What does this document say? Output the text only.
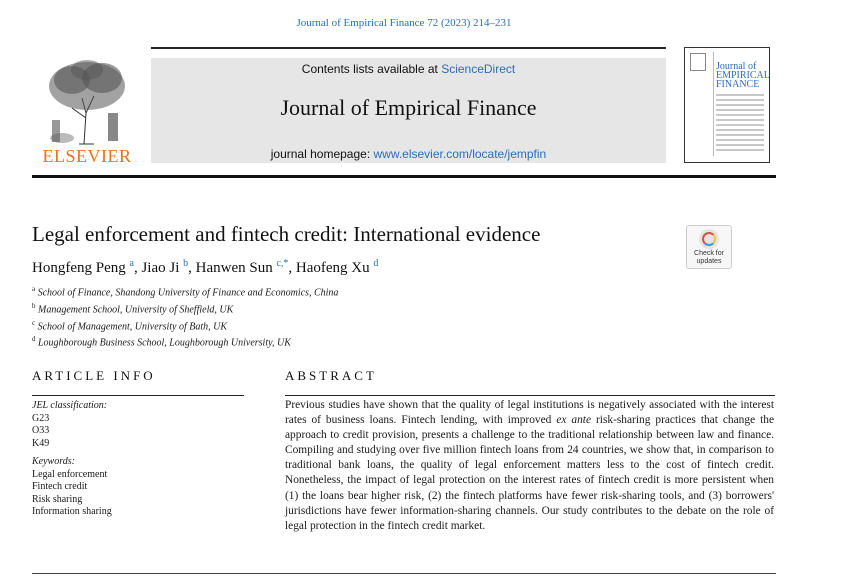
Journal of Empirical Finance 72 (2023) 214–231
ELSEVIER
Contents lists available at ScienceDirect
Journal of Empirical Finance
journal homepage: www.elsevier.com/locate/jempfin
Journal of EMPIRICAL FINANCE
Legal enforcement and fintech credit: International evidence
Check for updates
Hongfeng Peng $^a$, Jiao Ji $^b$, Hanwen Sun $^{c,*}$, Haofeng Xu $^d$
$^a$ School of Finance, Shandong University of Finance and Economics, China
$^b$ Management School, University of Sheffield, UK
$^c$ School of Management, University of Bath, UK
$^d$ Loughborough Business School, Loughborough University, UK
ARTICLE INFO	ABSTRACT
JEL classification:
G23
O33
K49
Keywords:
Legal enforcement
Fintech credit
Risk sharing
Information sharing
Previous studies have shown that the quality of legal institutions is negatively associated with the interest rates of business loans. Fintech lending, with improved ex ante risk-sharing practices that change the approach to credit provision, presents a challenge to the traditional relationship between law and finance. Compiling and studying over five million fintech loans from 24 countries, we show that, in comparison to traditional bank loans, the quality of legal enforcement matters less to the cost of fintech credit. Nonetheless, the impact of legal protection on the interest rates of fintech credit is more persistent when (1) the loans bear higher risk, (2) the fintech platforms have fewer risk-sharing tools, and (3) borrowers' jurisdictions have fewer information-sharing channels. Our study contributes to the debate on the role of legal protection in the fintech credit market.
